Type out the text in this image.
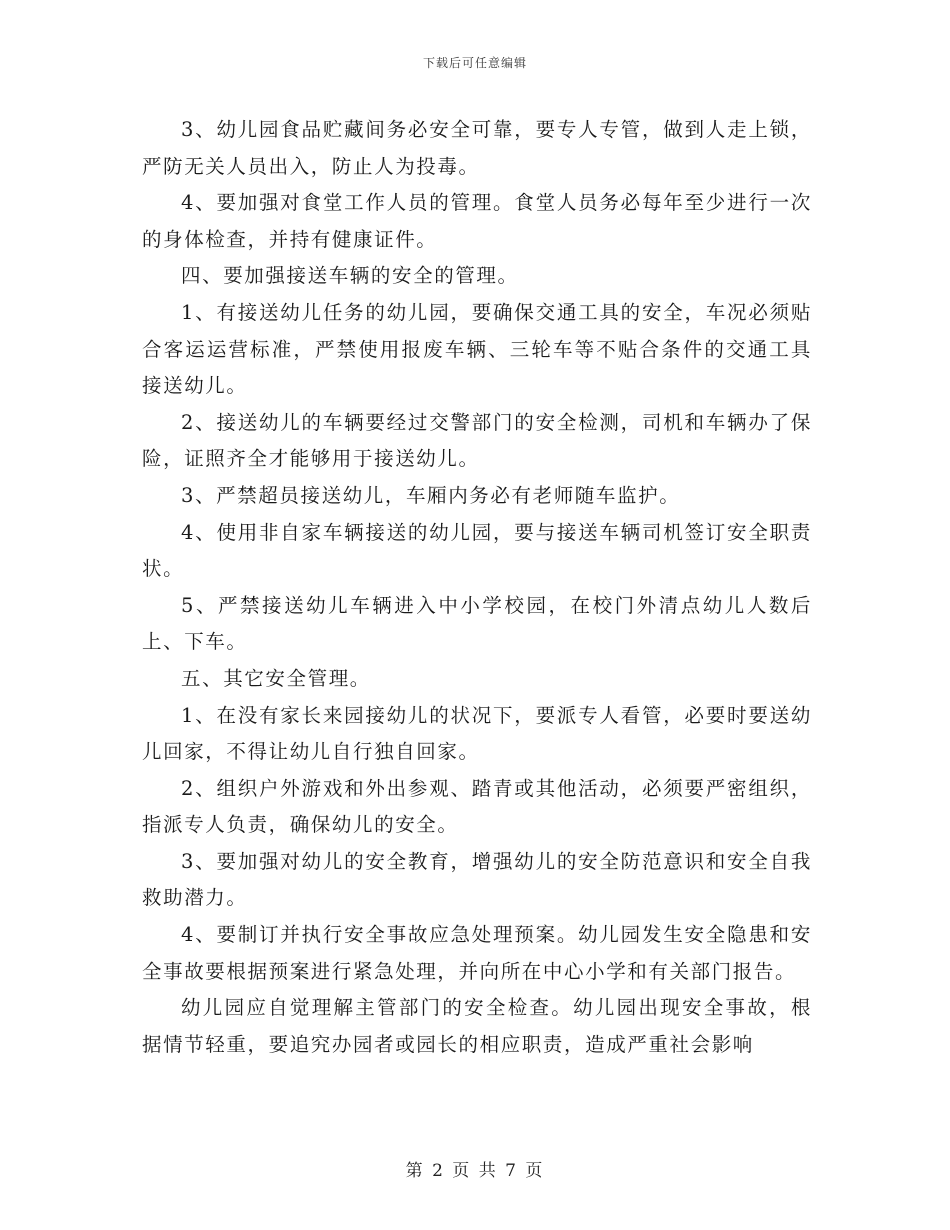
下载后可任意编辑

3、幼儿园食品贮藏间务必安全可靠，要专人专管，做到人走上锁，严防无关人员出入，防止人为投毒。

4、要加强对食堂工作人员的管理。食堂人员务必每年至少进行一次的身体检查，并持有健康证件。

四、要加强接送车辆的安全的管理。

1、有接送幼儿任务的幼儿园，要确保交通工具的安全，车况必须贴合客运运营标准，严禁使用报废车辆、三轮车等不贴合条件的交通工具接送幼儿。

2、接送幼儿的车辆要经过交警部门的安全检测，司机和车辆办了保险，证照齐全才能够用于接送幼儿。

3、严禁超员接送幼儿，车厢内务必有老师随车监护。

4、使用非自家车辆接送的幼儿园，要与接送车辆司机签订安全职责状。

5、严禁接送幼儿车辆进入中小学校园，在校门外清点幼儿人数后上、下车。

五、其它安全管理。

1、在没有家长来园接幼儿的状况下，要派专人看管，必要时要送幼儿回家，不得让幼儿自行独自回家。

2、组织户外游戏和外出参观、踏青或其他活动，必须要严密组织，指派专人负责，确保幼儿的安全。

3、要加强对幼儿的安全教育，增强幼儿的安全防范意识和安全自我救助潜力。

4、要制订并执行安全事故应急处理预案。幼儿园发生安全隐患和安全事故要根据预案进行紧急处理，并向所在中心小学和有关部门报告。

幼儿园应自觉理解主管部门的安全检查。幼儿园出现安全事故，根据情节轻重，要追究办园者或园长的相应职责，造成严重社会影响

第 2 页 共 7 页
